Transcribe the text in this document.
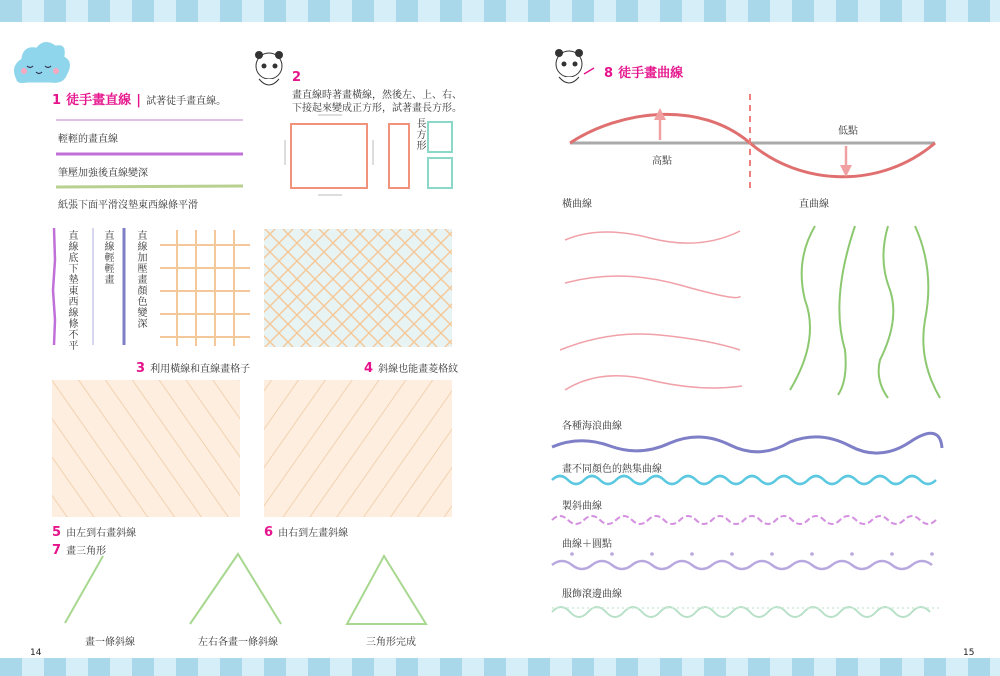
1 徒手畫直線 | 試著徒手畫直線。
輕輕的畫直線
筆壓加強後直線變深
紙張下面平滑沒墊東西線條平滑
2
畫直線時著畫橫線，然後左、上、右、
下接起來變成正方形，試著畫長方形。
長方形
直線底下墊東西線條不平	直線輕輕畫 直線加壓畫顏色變深
3 利用橫線和直線畫格子	4 斜線也能畫菱格紋
5 由左到右畫斜線	6 由右到左畫斜線
7 畫三角形
畫一條斜線	左右各畫一條斜線	三角形完成
14
8 徒手畫曲線
低點
高點
橫曲線	直曲線
各種海浪曲線
畫不同顏色的熱集曲線
製斜曲線
曲線＋圓點
服飾滾邊曲線
15
